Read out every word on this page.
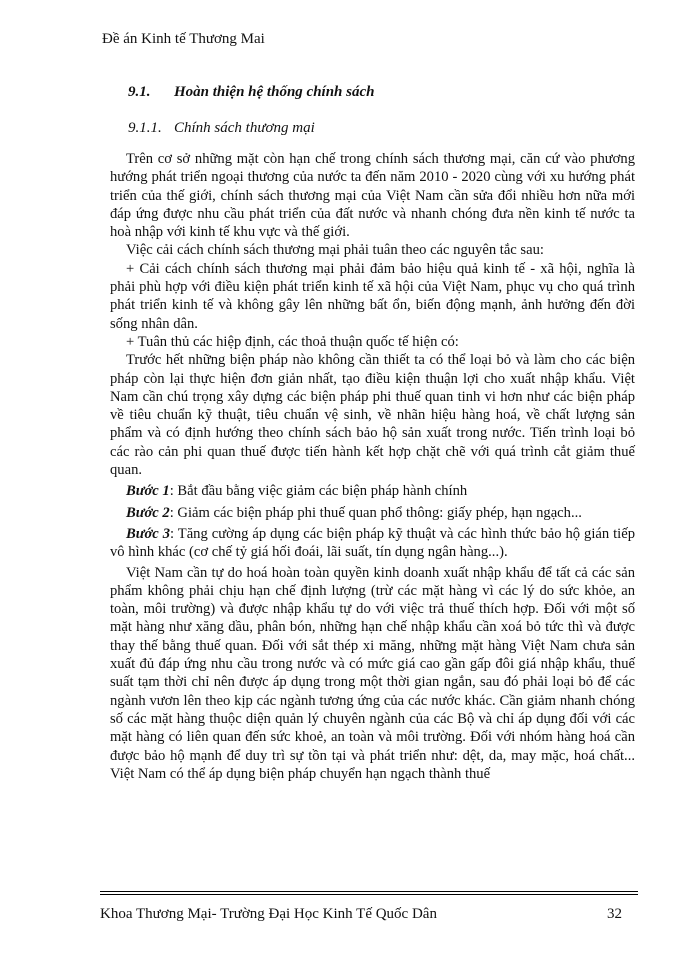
Đề án Kinh tế Thương Mai
9.1. Hoàn thiện hệ thống chính sách
9.1.1. Chính sách thương mại

Trên cơ sở những mặt còn hạn chế trong chính sách thương mại, căn cứ vào phương hướng phát triển ngoại thương của nước ta đến năm 2010 - 2020 cùng với xu hướng phát triển của thế giới, chính sách thương mại của Việt Nam cần sửa đổi nhiều hơn nữa mới đáp ứng được nhu cầu phát triển của đất nước và nhanh chóng đưa nền kinh tế nước ta hoà nhập với kinh tế khu vực và thế giới.

Việc cải cách chính sách thương mại phải tuân theo các nguyên tắc sau:

+ Cải cách chính sách thương mại phải đảm bảo hiệu quả kinh tế - xã hội, nghĩa là phải phù hợp với điều kiện phát triển kinh tế xã hội của Việt Nam, phục vụ cho quá trình phát triển kinh tế và không gây lên những bất ổn, biến động mạnh, ảnh hưởng đến đời sống nhân dân.

+ Tuân thủ các hiệp định, các thoả thuận quốc tế hiện có:

Trước hết những biện pháp nào không cần thiết ta có thể loại bỏ và làm cho các biện pháp còn lại thực hiện đơn giản nhất, tạo điều kiện thuận lợi cho xuất nhập khẩu. Việt Nam cần chú trọng xây dựng các biện pháp phi thuế quan tinh vi hơn như các biện pháp về tiêu chuẩn kỹ thuật, tiêu chuẩn vệ sinh, về nhãn hiệu hàng hoá, về chất lượng sản phẩm và có định hướng theo chính sách bảo hộ sản xuất trong nước. Tiến trình loại bỏ các rào cản phi quan thuế được tiến hành kết hợp chặt chẽ với quá trình cắt giảm thuế quan.

Bước 1: Bắt đầu bằng việc giảm các biện pháp hành chính

Bước 2: Giảm các biện pháp phi thuế quan phổ thông: giấy phép, hạn ngạch...

Bước 3: Tăng cường áp dụng các biện pháp kỹ thuật và các hình thức bảo hộ gián tiếp vô hình khác (cơ chế tỷ giá hối đoái, lãi suất, tín dụng ngân hàng...).

Việt Nam cần tự do hoá hoàn toàn quyền kinh doanh xuất nhập khẩu để tất cả các sản phẩm không phải chịu hạn chế định lượng (trừ các mặt hàng vì các lý do sức khỏe, an toàn, môi trường) và được nhập khẩu tự do với việc trả thuế thích hợp. Đối với một số mặt hàng như xăng dầu, phân bón, những hạn chế nhập khẩu cần xoá bỏ tức thì và được thay thế bằng thuế quan. Đối với sắt thép xi măng, những mặt hàng Việt Nam chưa sản xuất đủ đáp ứng nhu cầu trong nước và có mức giá cao gần gấp đôi giá nhập khẩu, thuế suất tạm thời chỉ nên được áp dụng trong một thời gian ngắn, sau đó phải loại bỏ để các ngành vươn lên theo kịp các ngành tương ứng của các nước khác. Cần giảm nhanh chóng số các mặt hàng thuộc diện quản lý chuyên ngành của các Bộ và chỉ áp dụng đối với các mặt hàng có liên quan đến sức khoẻ, an toàn và môi trường. Đối với nhóm hàng hoá cần được bảo hộ mạnh để duy trì sự tồn tại và phát triển như: dệt, da, may mặc, hoá chất... Việt Nam có thể áp dụng biện pháp chuyển hạn ngạch thành thuế

Khoa Thương Mại- Trường Đại Học Kinh Tế Quốc Dân	32
